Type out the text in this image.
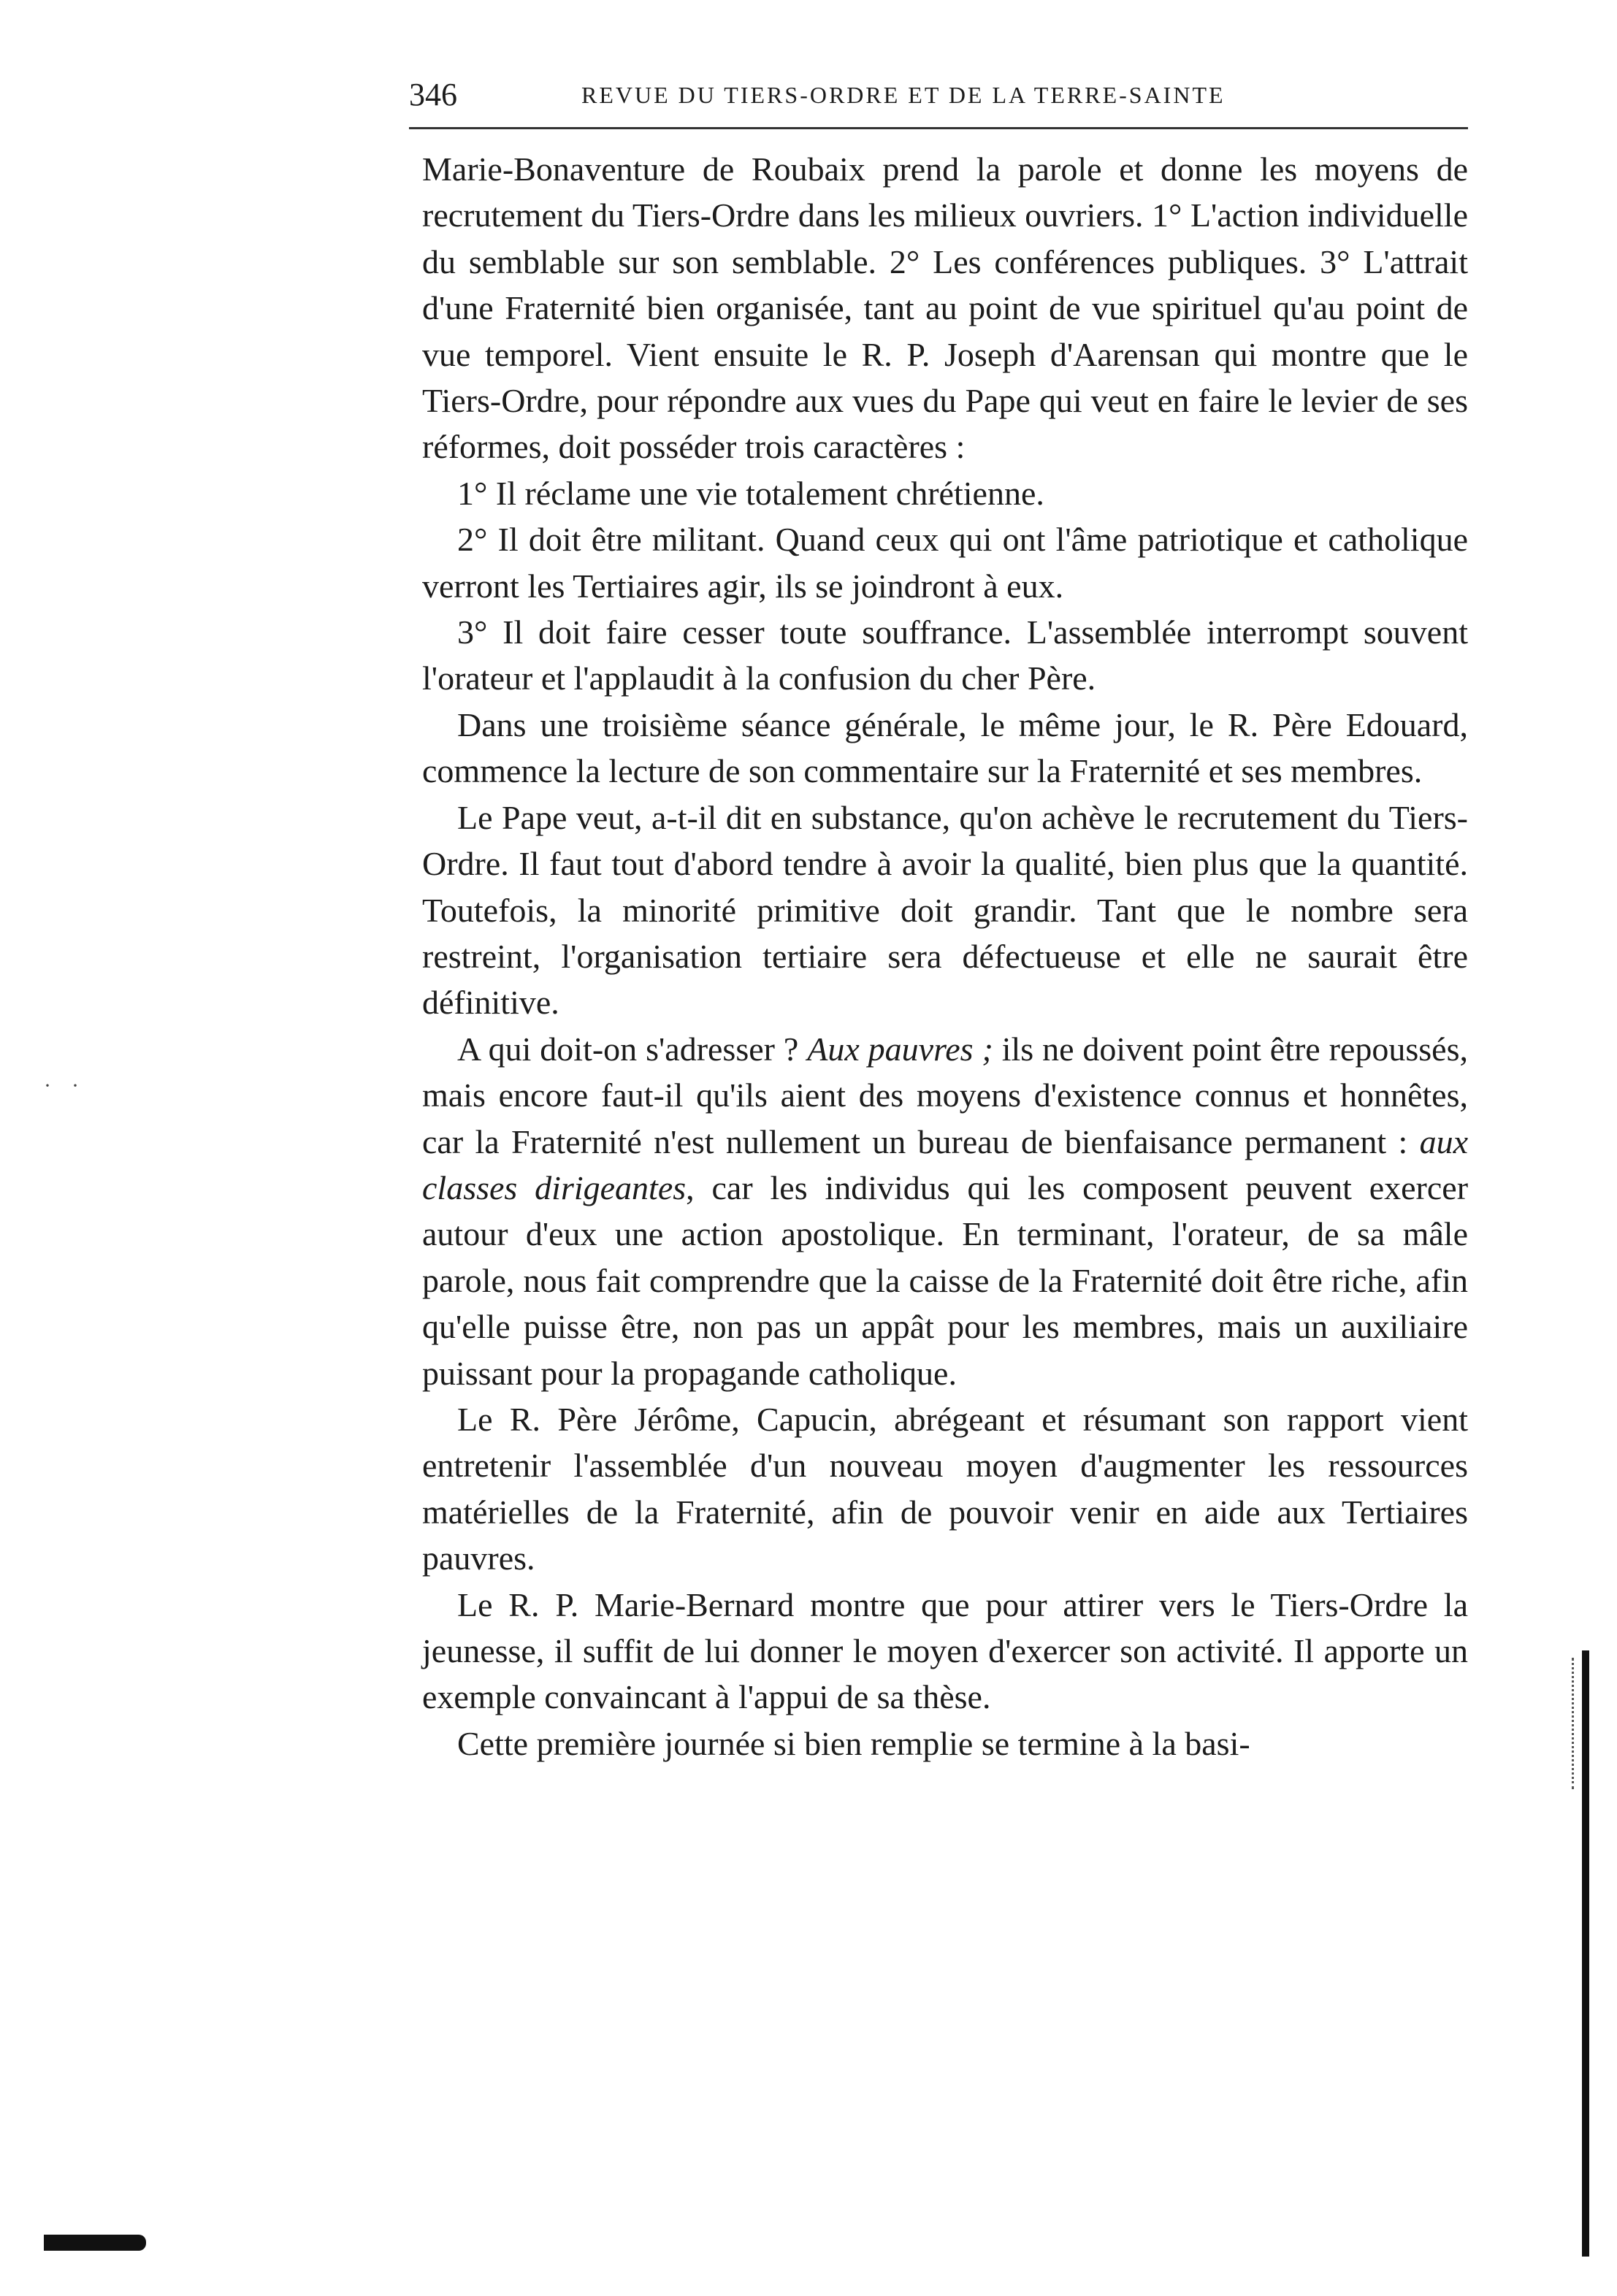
346	REVUE DU TIERS-ORDRE ET DE LA TERRE-SAINTE

Marie-Bonaventure de Roubaix prend la parole et donne les moyens de recrutement du Tiers-Ordre dans les milieux ouvriers. 1° L'action individuelle du semblable sur son semblable. 2° Les conférences publiques. 3° L'attrait d'une Fraternité bien organisée, tant au point de vue spirituel qu'au point de vue temporel. Vient ensuite le R. P. Joseph d'Aarensan qui montre que le Tiers-Ordre, pour répondre aux vues du Pape qui veut en faire le levier de ses réformes, doit posséder trois caractères :

1° Il réclame une vie totalement chrétienne.

2° Il doit être militant. Quand ceux qui ont l'âme patriotique et catholique verront les Tertiaires agir, ils se joindront à eux.

3° Il doit faire cesser toute souffrance. L'assemblée interrompt souvent l'orateur et l'applaudit à la confusion du cher Père.

Dans une troisième séance générale, le même jour, le R. Père Edouard, commence la lecture de son commentaire sur la Fraternité et ses membres.

Le Pape veut, a-t-il dit en substance, qu'on achève le recrutement du Tiers-Ordre. Il faut tout d'abord tendre à avoir la qualité, bien plus que la quantité. Toutefois, la minorité primitive doit grandir. Tant que le nombre sera restreint, l'organisation tertiaire sera défectueuse et elle ne saurait être définitive.

A qui doit-on s'adresser ? Aux pauvres ; ils ne doivent point être repoussés, mais encore faut-il qu'ils aient des moyens d'existence connus et honnêtes, car la Fraternité n'est nullement un bureau de bienfaisance permanent : aux classes dirigeantes, car les individus qui les composent peuvent exercer autour d'eux une action apostolique. En terminant, l'orateur, de sa mâle parole, nous fait comprendre que la caisse de la Fraternité doit être riche, afin qu'elle puisse être, non pas un appât pour les membres, mais un auxiliaire puissant pour la propagande catholique.

Le R. Père Jérôme, Capucin, abrégeant et résumant son rapport vient entretenir l'assemblée d'un nouveau moyen d'augmenter les ressources matérielles de la Fraternité, afin de pouvoir venir en aide aux Tertiaires pauvres.

Le R. P. Marie-Bernard montre que pour attirer vers le Tiers-Ordre la jeunesse, il suffit de lui donner le moyen d'exercer son activité. Il apporte un exemple convaincant à l'appui de sa thèse.

Cette première journée si bien remplie se termine à la basi-

··
